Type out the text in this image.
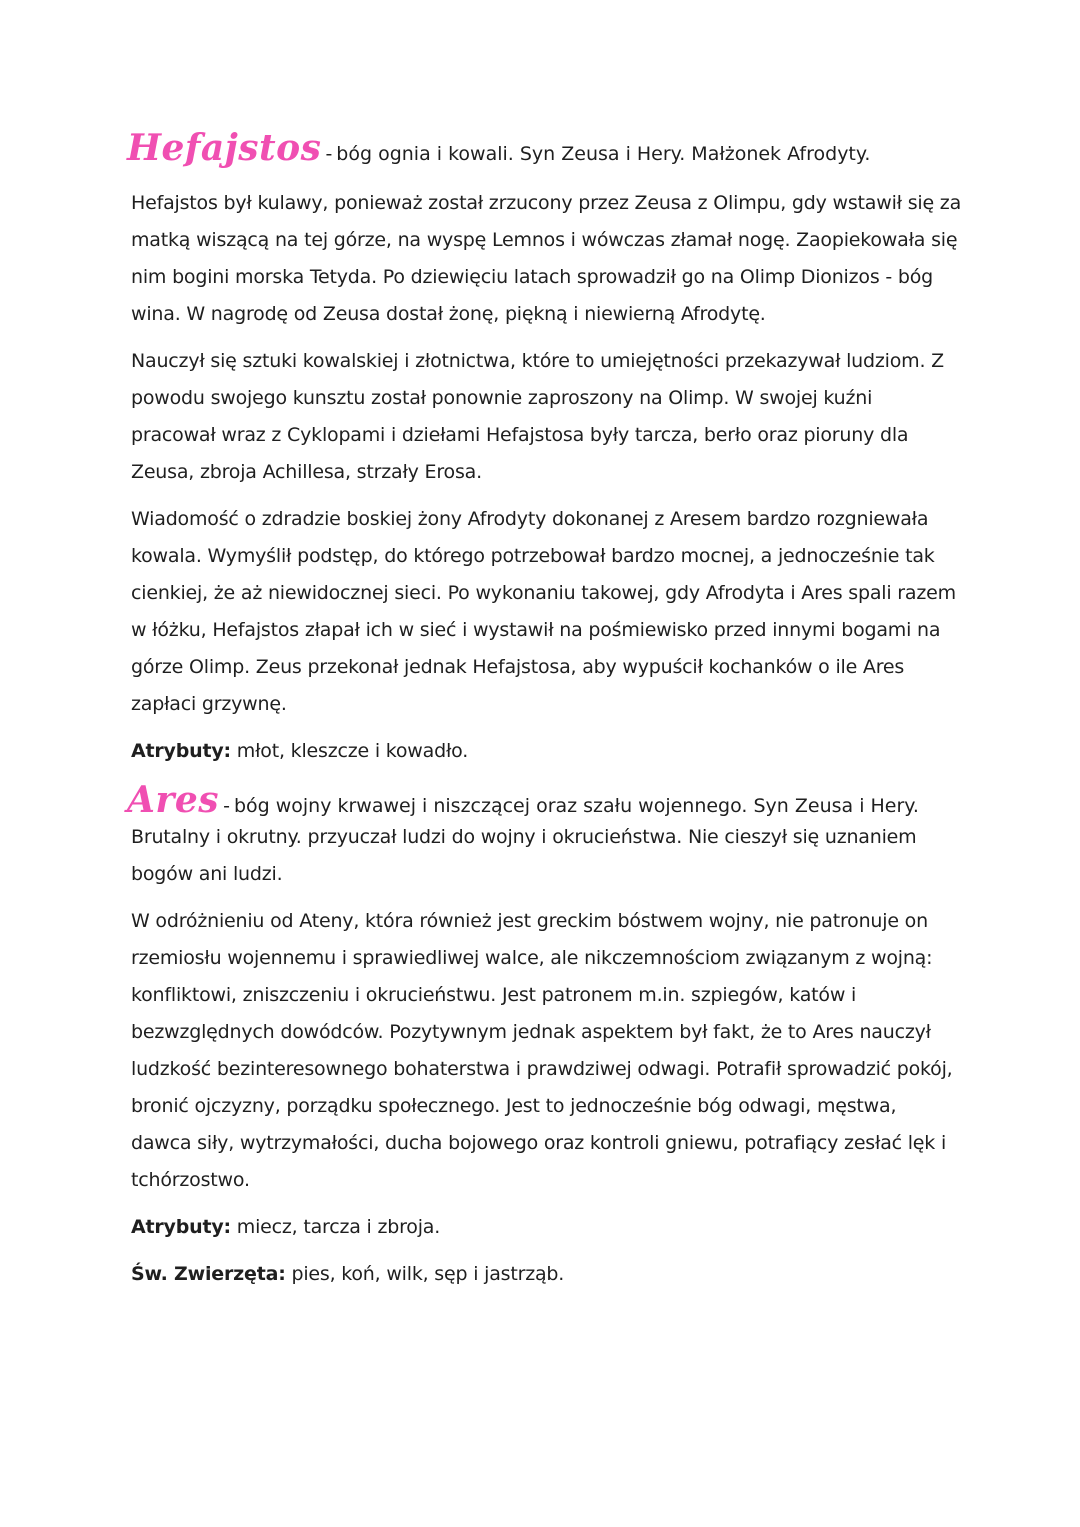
Hefajstos - bóg ognia i kowali. Syn Zeusa i Hery. Małżonek Afrodyty.

Hefajstos był kulawy, ponieważ został zrzucony przez Zeusa z Olimpu, gdy wstawił się za matką wiszącą na tej górze, na wyspę Lemnos i wówczas złamał nogę. Zaopiekowała się nim bogini morska Tetyda. Po dziewięciu latach sprowadził go na Olimp Dionizos - bóg wina. W nagrodę od Zeusa dostał żonę, piękną i niewierną Afrodytę.

Nauczył się sztuki kowalskiej i złotnictwa, które to umiejętności przekazywał ludziom. Z powodu swojego kunsztu został ponownie zaproszony na Olimp. W swojej kuźni pracował wraz z Cyklopami i dziełami Hefajstosa były tarcza, berło oraz pioruny dla Zeusa, zbroja Achillesa, strzały Erosa.

Wiadomość o zdradzie boskiej żony Afrodyty dokonanej z Aresem bardzo rozgniewała kowala. Wymyślił podstęp, do którego potrzebował bardzo mocnej, a jednocześnie tak cienkiej, że aż niewidocznej sieci. Po wykonaniu takowej, gdy Afrodyta i Ares spali razem w łóżku, Hefajstos złapał ich w sieć i wystawił na pośmiewisko przed innymi bogami na górze Olimp. Zeus przekonał jednak Hefajstosa, aby wypuścił kochanków o ile Ares zapłaci grzywnę.

Atrybuty: młot, kleszcze i kowadło.

Ares - bóg wojny krwawej i niszczącej oraz szału wojennego. Syn Zeusa i Hery.

Brutalny i okrutny. przyuczał ludzi do wojny i okrucieństwa. Nie cieszył się uznaniem bogów ani ludzi.

W odróżnieniu od Ateny, która również jest greckim bóstwem wojny, nie patronuje on rzemiosłu wojennemu i sprawiedliwej walce, ale nikczemnościom związanym z wojną: konfliktowi, zniszczeniu i okrucieństwu. Jest patronem m.in. szpiegów, katów i bezwzględnych dowódców. Pozytywnym jednak aspektem był fakt, że to Ares nauczył ludzkość bezinteresownego bohaterstwa i prawdziwej odwagi. Potrafił sprowadzić pokój, bronić ojczyzny, porządku społecznego. Jest to jednocześnie bóg odwagi, męstwa, dawca siły, wytrzymałości, ducha bojowego oraz kontroli gniewu, potrafiący zesłać lęk i tchórzostwo.

Atrybuty: miecz, tarcza i zbroja.

Św. Zwierzęta: pies, koń, wilk, sęp i jastrząb.
